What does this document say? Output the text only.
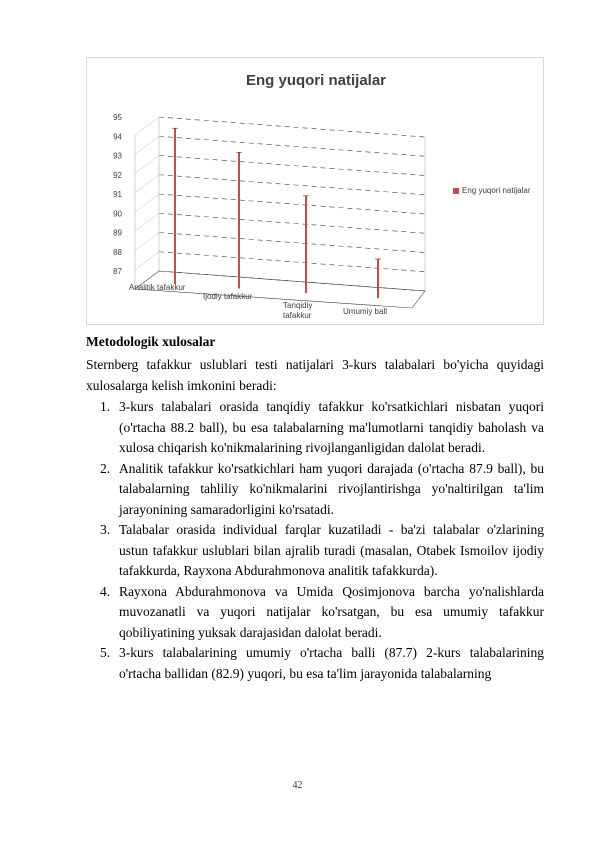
Eng yuqori natijalar
87
88
89
90
91
92
93
94
95
Analitik tafakkur
Ijodiy tafakkur
Tanqidiy tafakkur	Umumiy ball
Eng yuqori natijalar
Metodologik xulosalar
Sternberg tafakkur uslublari testi natijalari 3-kurs talabalari bo'yicha quyidagi xulosalarga kelish imkonini beradi:
1. 3-kurs talabalari orasida tanqidiy tafakkur ko'rsatkichlari nisbatan yuqori (o'rtacha 88.2 ball), bu esa talabalarning ma'lumotlarni tanqidiy baholash va xulosa chiqarish ko'nikmalarining rivojlanganligidan dalolat beradi.
2. Analitik tafakkur ko'rsatkichlari ham yuqori darajada (o'rtacha 87.9 ball), bu talabalarning tahliliy ko'nikmalarini rivojlantirishga yo'naltirilgan ta'lim jarayonining samaradorligini ko'rsatadi.
3. Talabalar orasida individual farqlar kuzatiladi - ba'zi talabalar o'zlarining ustun tafakkur uslublari bilan ajralib turadi (masalan, Otabek Ismoilov ijodiy tafakkurda, Rayxona Abdurahmonova analitik tafakkurda).
4. Rayxona Abdurahmonova va Umida Qosimjonova barcha yo'nalishlarda muvozanatli va yuqori natijalar ko'rsatgan, bu esa umumiy tafakkur qobiliyatining yuksak darajasidan dalolat beradi.
5. 3-kurs talabalarining umumiy o'rtacha balli (87.7) 2-kurs talabalarining o'rtacha ballidan (82.9) yuqori, bu esa ta'lim jarayonida talabalarning
42
